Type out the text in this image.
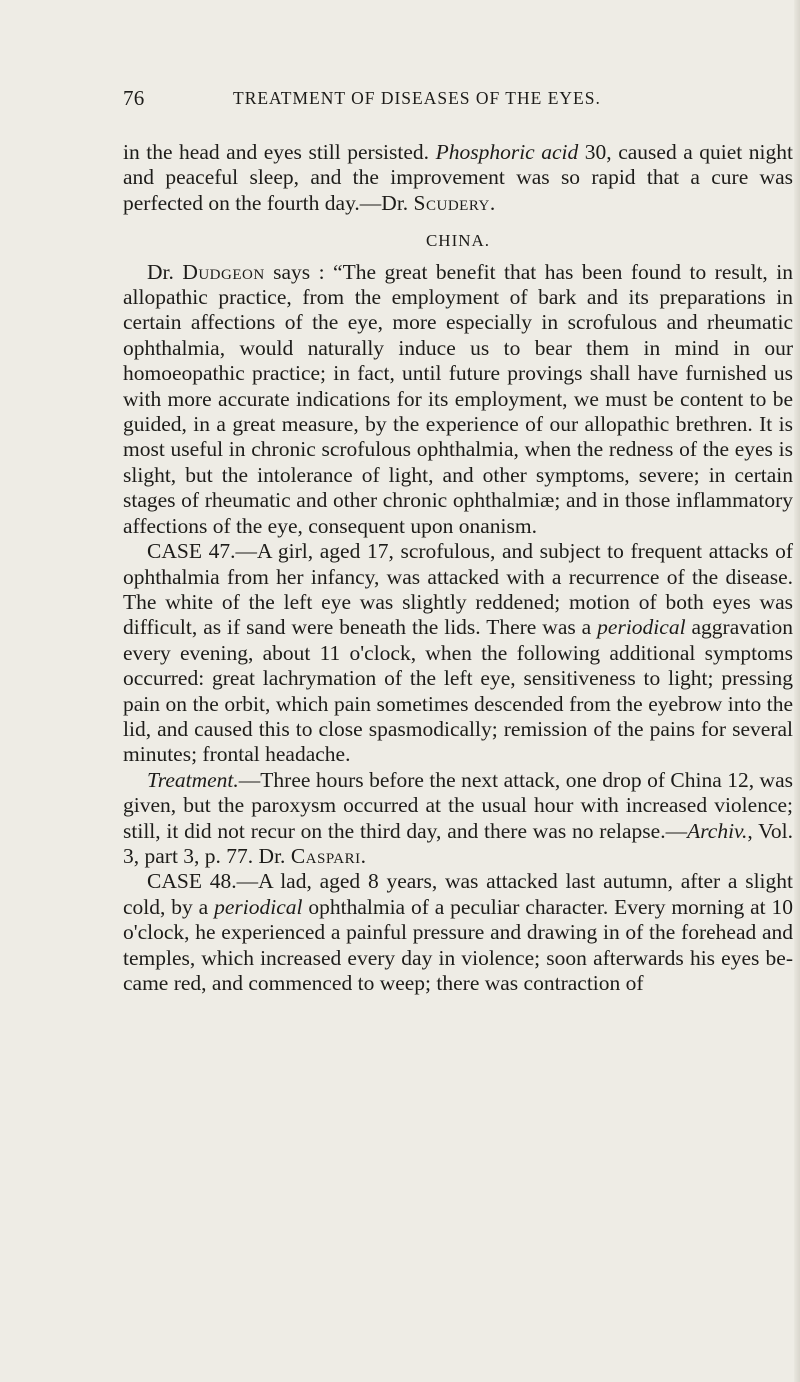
76	TREATMENT OF DISEASES OF THE EYES.

in the head and eyes still persisted. Phosphoric acid 30, caused a quiet night and peaceful sleep, and the improvement was so rapid that a cure was perfected on the fourth day.—Dr. Scudery.

CHINA.

Dr. Dudgeon says : “The great benefit that has been found to result, in allopathic practice, from the employment of bark and its preparations in certain affections of the eye, more especially in scrofulous and rheumatic ophthalmia, would naturally induce us to bear them in mind in our homoeopathic practice; in fact, until future provings shall have furnished us with more accurate indications for its employment, we must be content to be guided, in a great measure, by the experience of our allopathic brethren. It is most useful in chronic scrofulous ophthalmia, when the redness of the eyes is slight, but the intolerance of light, and other symptoms, severe; in certain stages of rheumatic and other chronic ophthalmiæ; and in those inflammatory affections of the eye, consequent upon onanism.

CASE 47.—A girl, aged 17, scrofulous, and subject to frequent attacks of ophthalmia from her infancy, was attacked with a recurrence of the disease. The white of the left eye was slightly reddened; motion of both eyes was difficult, as if sand were beneath the lids. There was a periodical aggravation every evening, about 11 o'clock, when the following additional symptoms occurred: great lachrymation of the left eye, sensitiveness to light; pressing pain on the orbit, which pain sometimes descended from the eyebrow into the lid, and caused this to close spasmodically; remission of the pains for several minutes; frontal headache.

Treatment.—Three hours before the next attack, one drop of China 12, was given, but the paroxysm occurred at the usual hour with increased violence; still, it did not recur on the third day, and there was no relapse.—Archiv., Vol. 3, part 3, p. 77. Dr. Caspari.

CASE 48.—A lad, aged 8 years, was attacked last autumn, after a slight cold, by a periodical ophthalmia of a peculiar character. Every morning at 10 o'clock, he experienced a painful pressure and drawing in of the forehead and temples, which increased every day in violence; soon afterwards his eyes became red, and commenced to weep; there was contraction of
